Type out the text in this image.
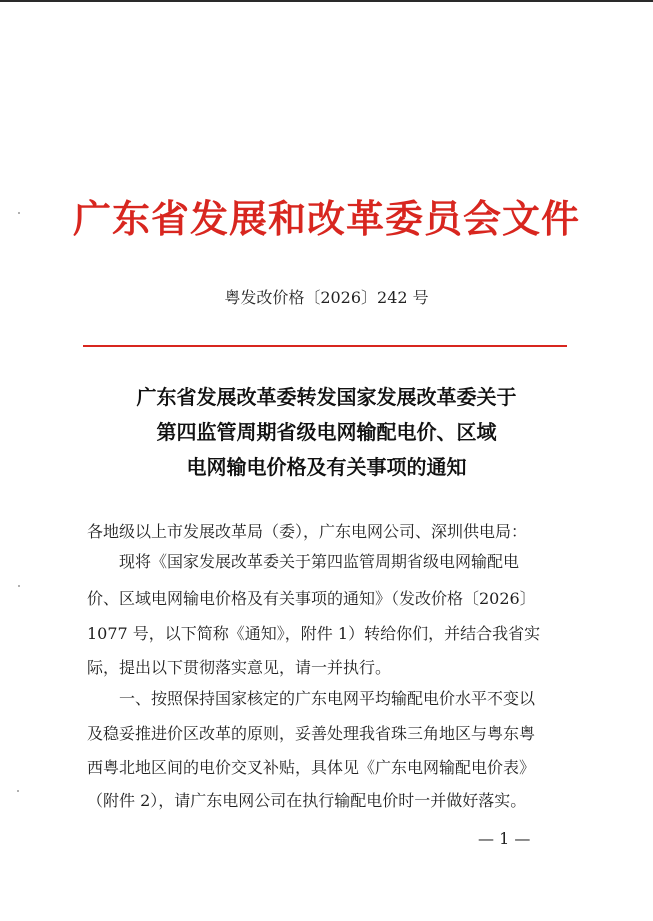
广东省发展和改革委员会文件
粤发改价格〔2026〕242 号
广东省发展改革委转发国家发展改革委关于
第四监管周期省级电网输配电价、区域
电网输电价格及有关事项的通知
各地级以上市发展改革局（委），广东电网公司、深圳供电局：
现将《国家发展改革委关于第四监管周期省级电网输配电
价、区域电网输电价格及有关事项的通知》（发改价格〔2026〕
1077 号，以下简称《通知》，附件 1）转给你们，并结合我省实
际，提出以下贯彻落实意见，请一并执行。
一、按照保持国家核定的广东电网平均输配电价水平不变以
及稳妥推进价区改革的原则，妥善处理我省珠三角地区与粤东粤
西粤北地区间的电价交叉补贴，具体见《广东电网输配电价表》
（附件 2），请广东电网公司在执行输配电价时一并做好落实。
— 1 —
